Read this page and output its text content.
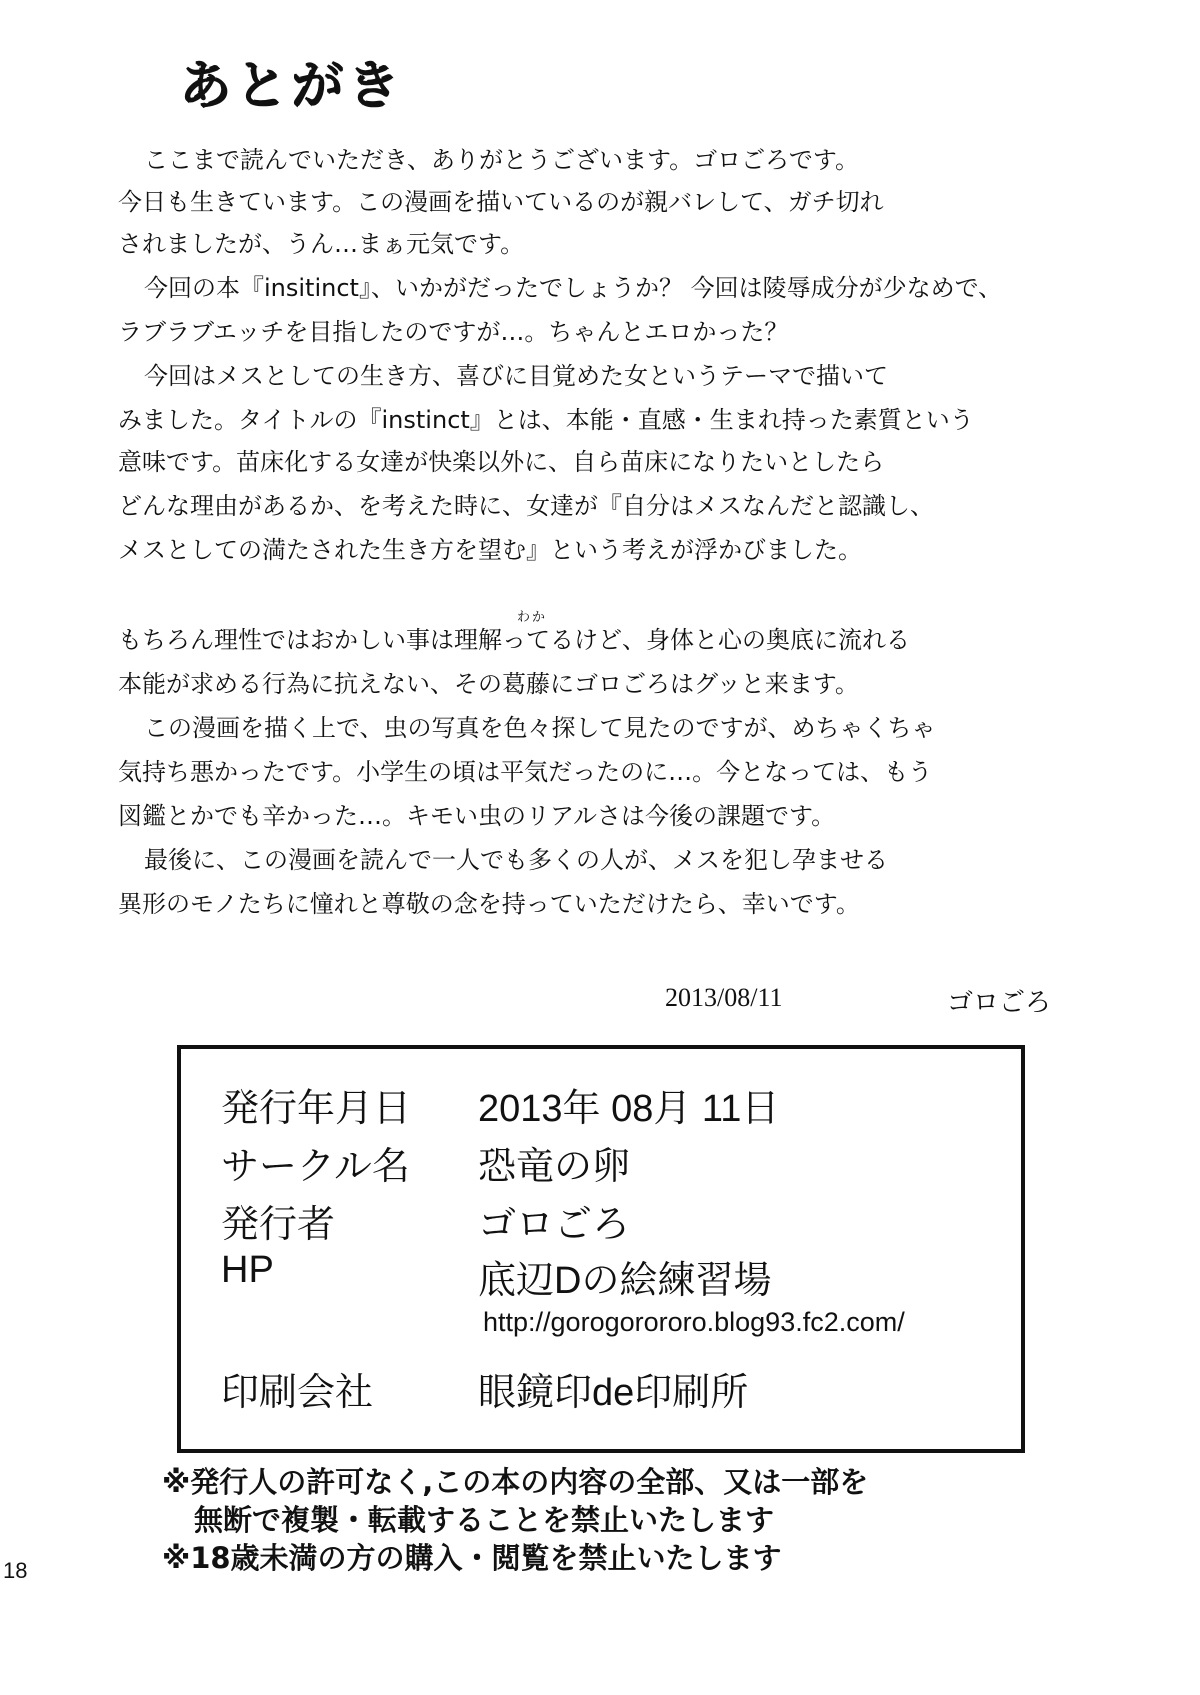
あとがき
ここまで読んでいただき、ありがとうございます。ゴロごろです。
今日も生きています。この漫画を描いているのが親バレして、ガチ切れ
されましたが、うん…まぁ元気です。
今回の本『insitinct』、いかがだったでしょうか？ 今回は陵辱成分が少なめで、
ラブラブエッチを目指したのですが…。ちゃんとエロかった？
今回はメスとしての生き方、喜びに目覚めた女というテーマで描いて
みました。タイトルの『instinct』とは、本能・直感・生まれ持った素質という
意味です。苗床化する女達が快楽以外に、自ら苗床になりたいとしたら
どんな理由があるか、を考えた時に、女達が『自分はメスなんだと認識し、
メスとしての満たされた生き方を望む』という考えが浮かびました。
もちろん理性ではおかしい事は理解ってるけど、身体と心の奥底に流れる
本能が求める行為に抗えない、その葛藤にゴロごろはグッと来ます。
この漫画を描く上で、虫の写真を色々探して見たのですが、めちゃくちゃ
気持ち悪かったです。小学生の頃は平気だったのに…。今となっては、もう
図鑑とかでも辛かった…。キモい虫のリアルさは今後の課題です。
最後に、この漫画を読んで一人でも多くの人が、メスを犯し孕ませる
異形のモノたちに憧れと尊敬の念を持っていただけたら、幸いです。
わか
2013/08/11	ゴロごろ
発行年月日 2013年 08月 11日
サークル名 恐竜の卵
発行者	ゴロごろ
HP	底辺Dの絵練習場
http://gorogorororo.blog93.fc2.com/
印刷会社	眼鏡印de印刷所
※発行人の許可なく,この本の内容の全部、又は一部を
無断で複製・転載することを禁止いたします
※18歳未満の方の購入・閲覧を禁止いたします
18
